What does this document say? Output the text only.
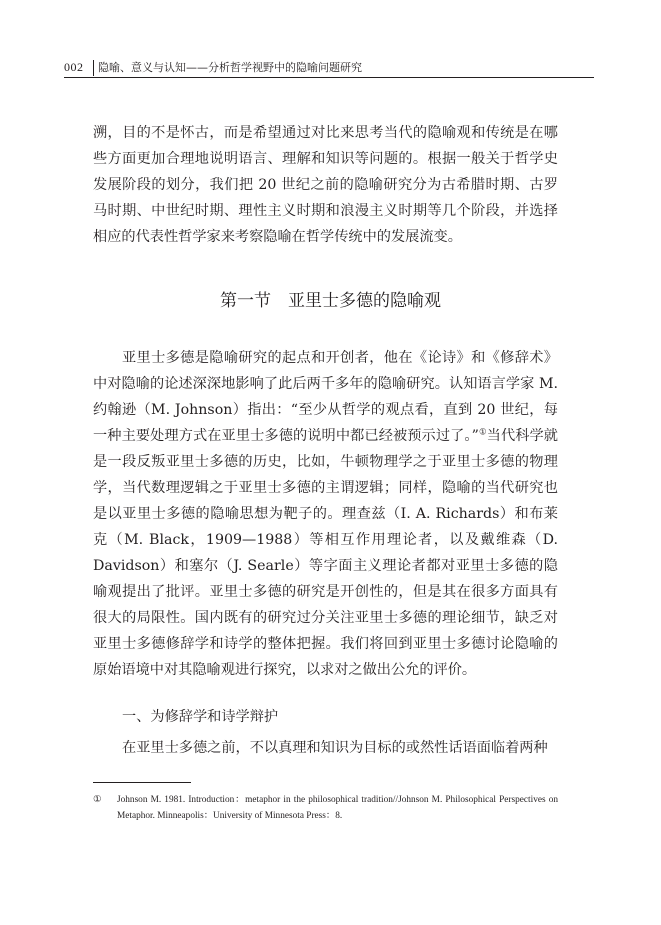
002 隐喻、意义与认知——分析哲学视野中的隐喻问题研究

溯，目的不是怀古，而是希望通过对比来思考当代的隐喻观和传统是在哪些方面更加合理地说明语言、理解和知识等问题的。根据一般关于哲学史发展阶段的划分，我们把 20 世纪之前的隐喻研究分为古希腊时期、古罗马时期、中世纪时期、理性主义时期和浪漫主义时期等几个阶段，并选择相应的代表性哲学家来考察隐喻在哲学传统中的发展流变。

第一节　亚里士多德的隐喻观

亚里士多德是隐喻研究的起点和开创者，他在《论诗》和《修辞术》中对隐喻的论述深深地影响了此后两千多年的隐喻研究。认知语言学家 M. 约翰逊（M. Johnson）指出：“至少从哲学的观点看，直到 20 世纪，每一种主要处理方式在亚里士多德的说明中都已经被预示过了。”①当代科学就是一段反叛亚里士多德的历史，比如，牛顿物理学之于亚里士多德的物理学，当代数理逻辑之于亚里士多德的主谓逻辑；同样，隐喻的当代研究也是以亚里士多德的隐喻思想为靶子的。理查兹（I. A. Richards）和布莱克（M. Black，1909—1988）等相互作用理论者，以及戴维森（D. Davidson）和塞尔（J. Searle）等字面主义理论者都对亚里士多德的隐喻观提出了批评。亚里士多德的研究是开创性的，但是其在很多方面具有很大的局限性。国内既有的研究过分关注亚里士多德的理论细节，缺乏对亚里士多德修辞学和诗学的整体把握。我们将回到亚里士多德讨论隐喻的原始语境中对其隐喻观进行探究，以求对之做出公允的评价。

一、为修辞学和诗学辩护

在亚里士多德之前，不以真理和知识为目标的或然性话语面临着两种

① Johnson M. 1981. Introduction：metaphor in the philosophical tradition//Johnson M. Philosophical Perspectives on Metaphor. Minneapolis：University of Minnesota Press：8.
